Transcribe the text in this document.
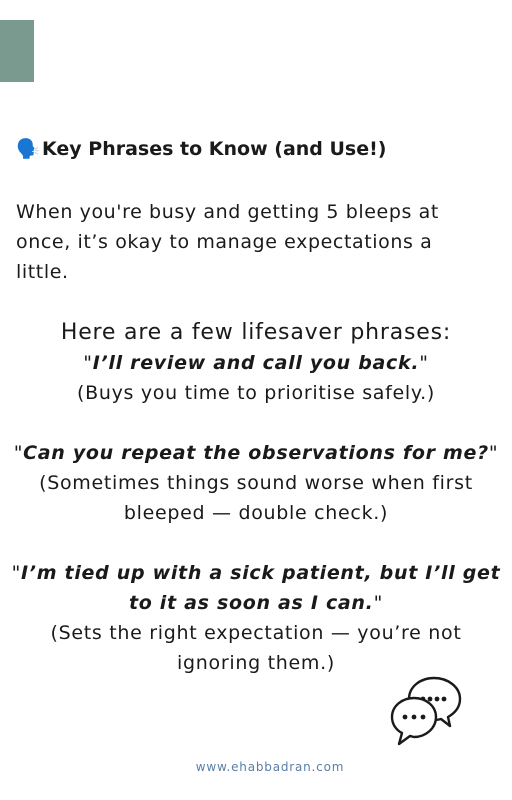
🗣️ Key Phrases to Know (and Use!)
When you're busy and getting 5 bleeps at once, it’s okay to manage expectations a little.
Here are a few lifesaver phrases:
"I’ll review and call you back."
(Buys you time to prioritise safely.)
"Can you repeat the observations for me?"
(Sometimes things sound worse when first bleeped — double check.)
"I’m tied up with a sick patient, but I’ll get to it as soon as I can."
(Sets the right expectation — you’re not ignoring them.)
www.ehabbadran.com
